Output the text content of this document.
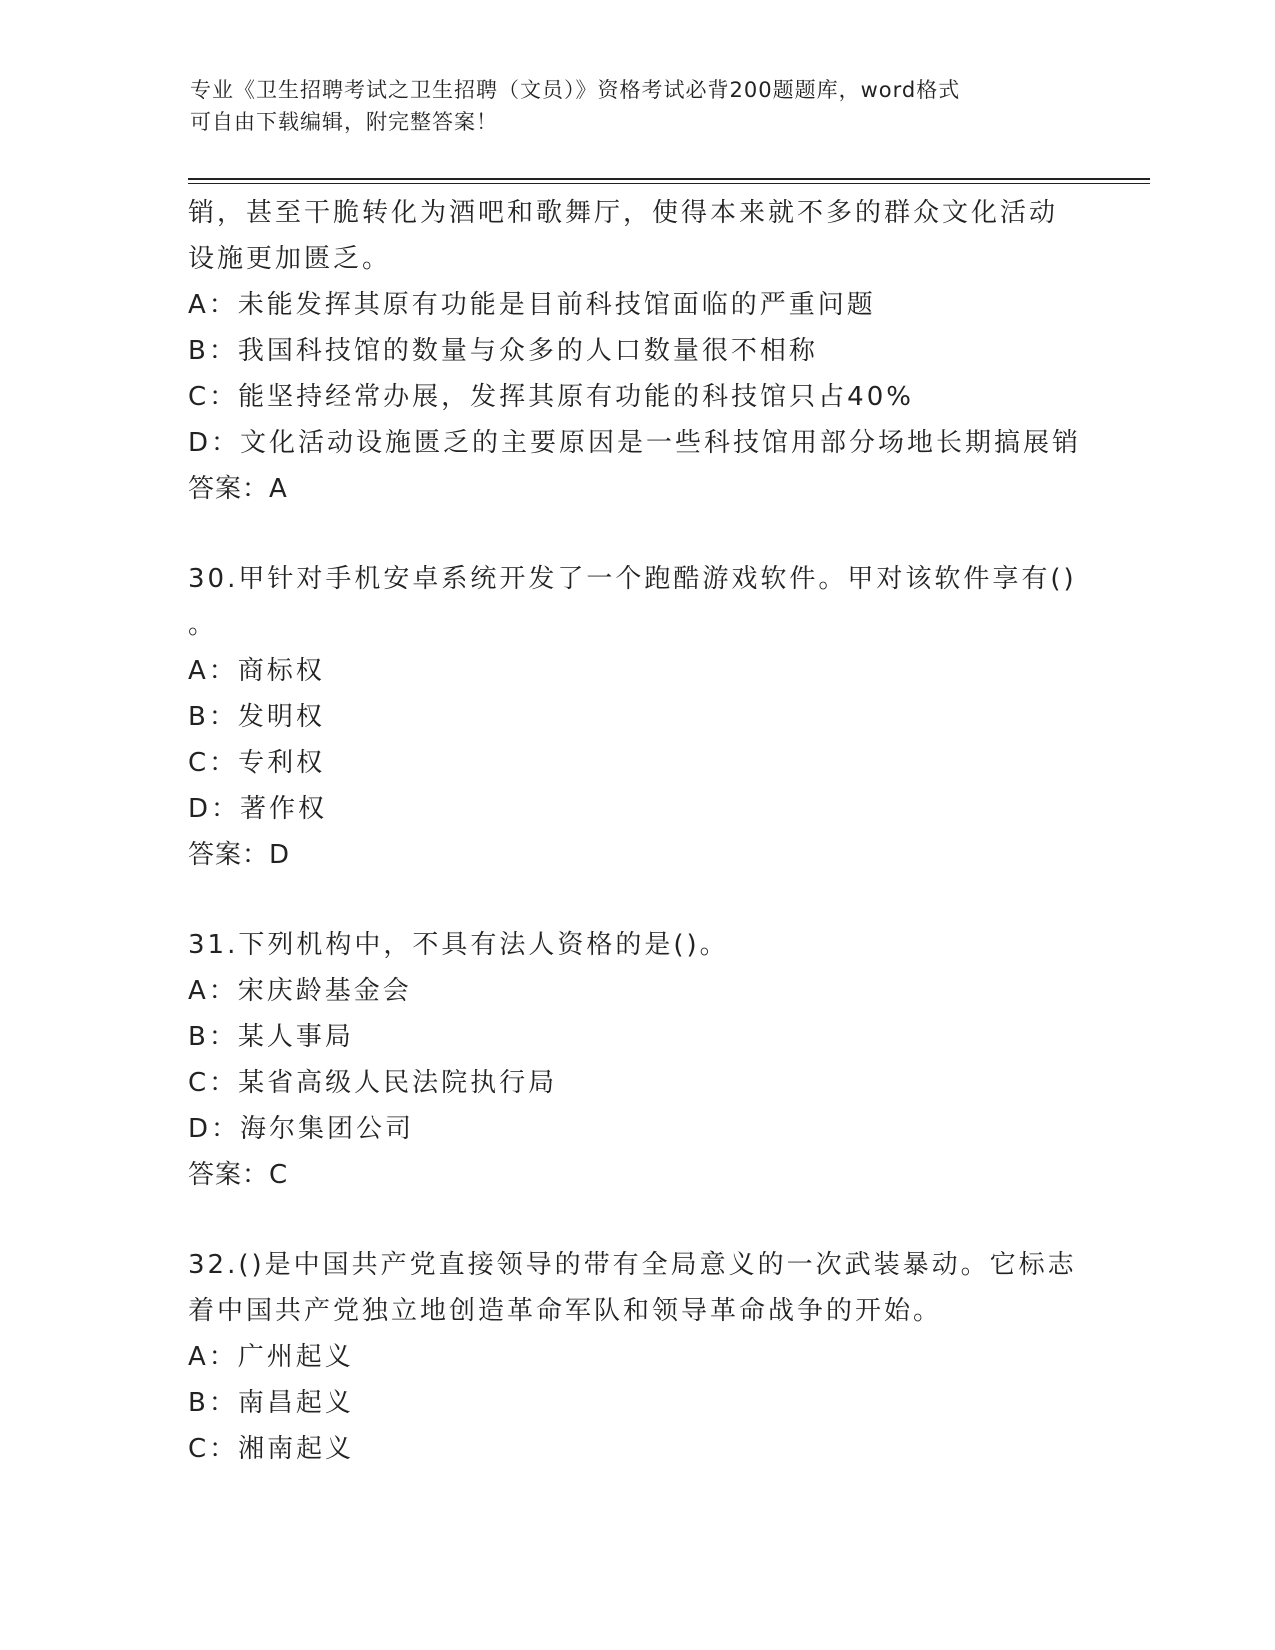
专业《卫生招聘考试之卫生招聘（文员）》资格考试必背200题题库，word格式
可自由下载编辑，附完整答案！
销，甚至干脆转化为酒吧和歌舞厅，使得本来就不多的群众文化活动
设施更加匮乏。
A：未能发挥其原有功能是目前科技馆面临的严重问题
B：我国科技馆的数量与众多的人口数量很不相称
C：能坚持经常办展，发挥其原有功能的科技馆只占40%
D：文化活动设施匮乏的主要原因是一些科技馆用部分场地长期搞展销
答案：A
30.甲针对手机安卓系统开发了一个跑酷游戏软件。甲对该软件享有()
。
A：商标权
B：发明权
C：专利权
D：著作权
答案：D
31.下列机构中，不具有法人资格的是()。
A：宋庆龄基金会
B：某人事局
C：某省高级人民法院执行局
D：海尔集团公司
答案：C
32.()是中国共产党直接领导的带有全局意义的一次武装暴动。它标志
着中国共产党独立地创造革命军队和领导革命战争的开始。
A：广州起义
B：南昌起义
C：湘南起义
